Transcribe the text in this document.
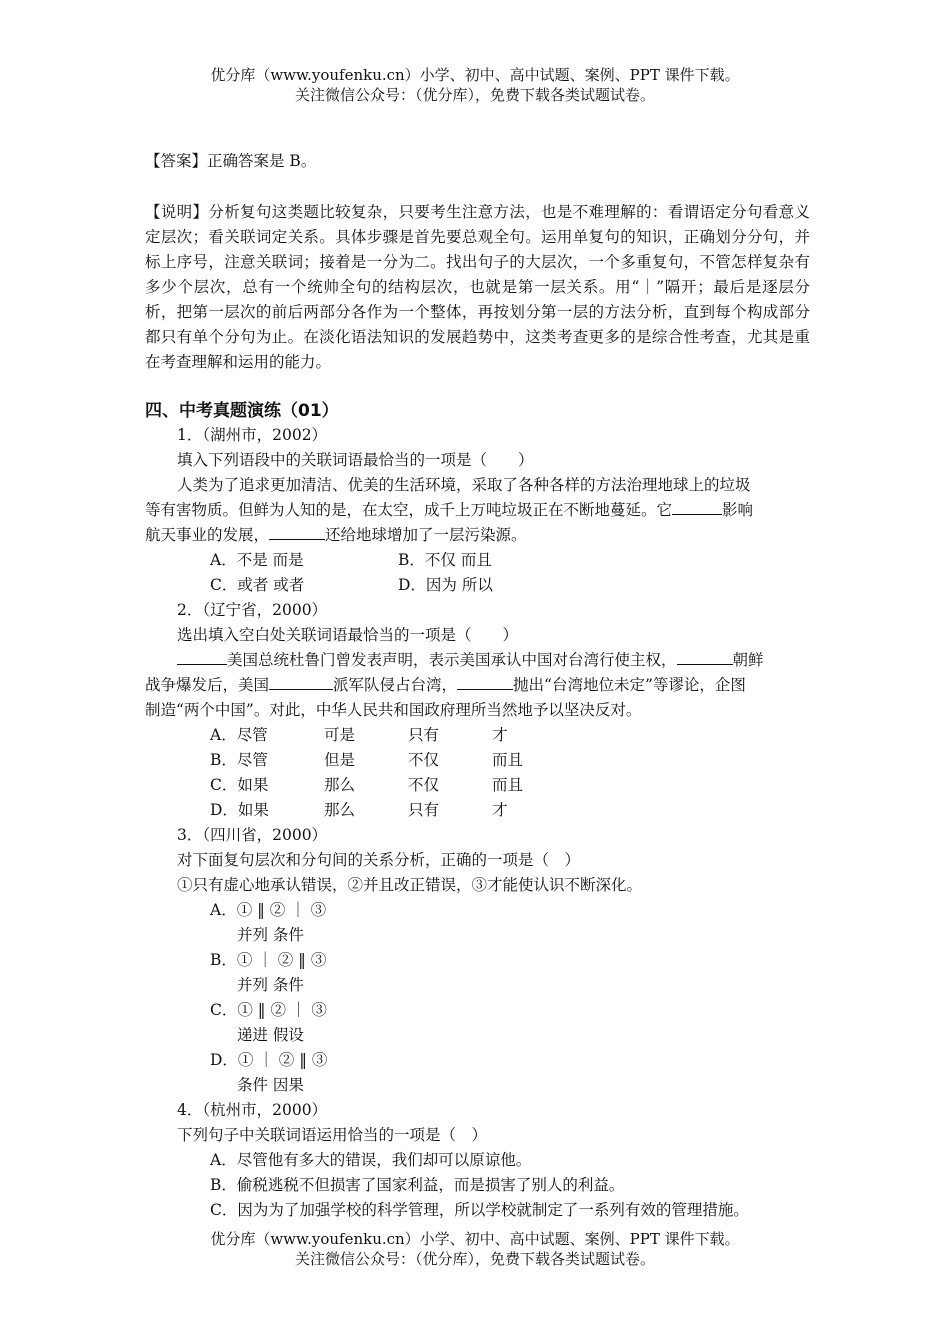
优分库（www.youfenku.cn）小学、初中、高中试题、案例、PPT 课件下载。
关注微信公众号：（优分库），免费下载各类试题试卷。
【答案】正确答案是 B。
【说明】分析复句这类题比较复杂，只要考生注意方法，也是不难理解的：看谓语定分句看意义定层次；看关联词定关系。具体步骤是首先要总观全句。运用单复句的知识，正确划分分句，并标上序号，注意关联词；接着是一分为二。找出句子的大层次，一个多重复句，不管怎样复杂有多少个层次，总有一个统帅全句的结构层次，也就是第一层关系。用“｜”隔开；最后是逐层分析，把第一层次的前后两部分各作为一个整体，再按划分第一层的方法分析，直到每个构成部分都只有单个分句为止。在淡化语法知识的发展趋势中，这类考查更多的是综合性考查，尤其是重在考查理解和运用的能力。
四、中考真题演练（01）
1．（湖州市，2002）
填入下列语段中的关联词语最恰当的一项是（　　）
人类为了追求更加清洁、优美的生活环境，采取了各种各样的方法治理地球上的垃圾
等有害物质。但鲜为人知的是，在太空，成千上万吨垃圾正在不断地蔓延。它	影响
航天事业的发展，	还给地球增加了一层污染源。
A．不是 而是	B．不仅 而且
C．或者 或者	D．因为 所以
2．（辽宁省，2000）
选出填入空白处关联词语最恰当的一项是（　　）
美国总统杜鲁门曾发表声明，表示美国承认中国对台湾行使主权，	朝鲜
战争爆发后，美国	派军队侵占台湾，	抛出“台湾地位未定”等谬论，企图
制造“两个中国”。对此，中华人民共和国政府理所当然地予以坚决反对。
A．尽管	可是	只有	才
B．尽管	但是	不仅	而且
C．如果	那么	不仅	而且
D．如果	那么	只有	才
3．（四川省，2000）
对下面复句层次和分句间的关系分析，正确的一项是（　）
①只有虚心地承认错误，②并且改正错误，③才能使认识不断深化。
A．① ‖ ② ｜ ③
并列 条件
B．① ｜ ② ‖ ③
并列 条件
C．① ‖ ② ｜ ③
递进 假设
D．① ｜ ② ‖ ③
条件 因果
4．（杭州市，2000）
下列句子中关联词语运用恰当的一项是（　）
A．尽管他有多大的错误，我们却可以原谅他。
B．偷税逃税不但损害了国家利益，而是损害了别人的利益。
C．因为为了加强学校的科学管理，所以学校就制定了一系列有效的管理措施。
优分库（www.youfenku.cn）小学、初中、高中试题、案例、PPT 课件下载。
关注微信公众号：（优分库），免费下载各类试题试卷。
